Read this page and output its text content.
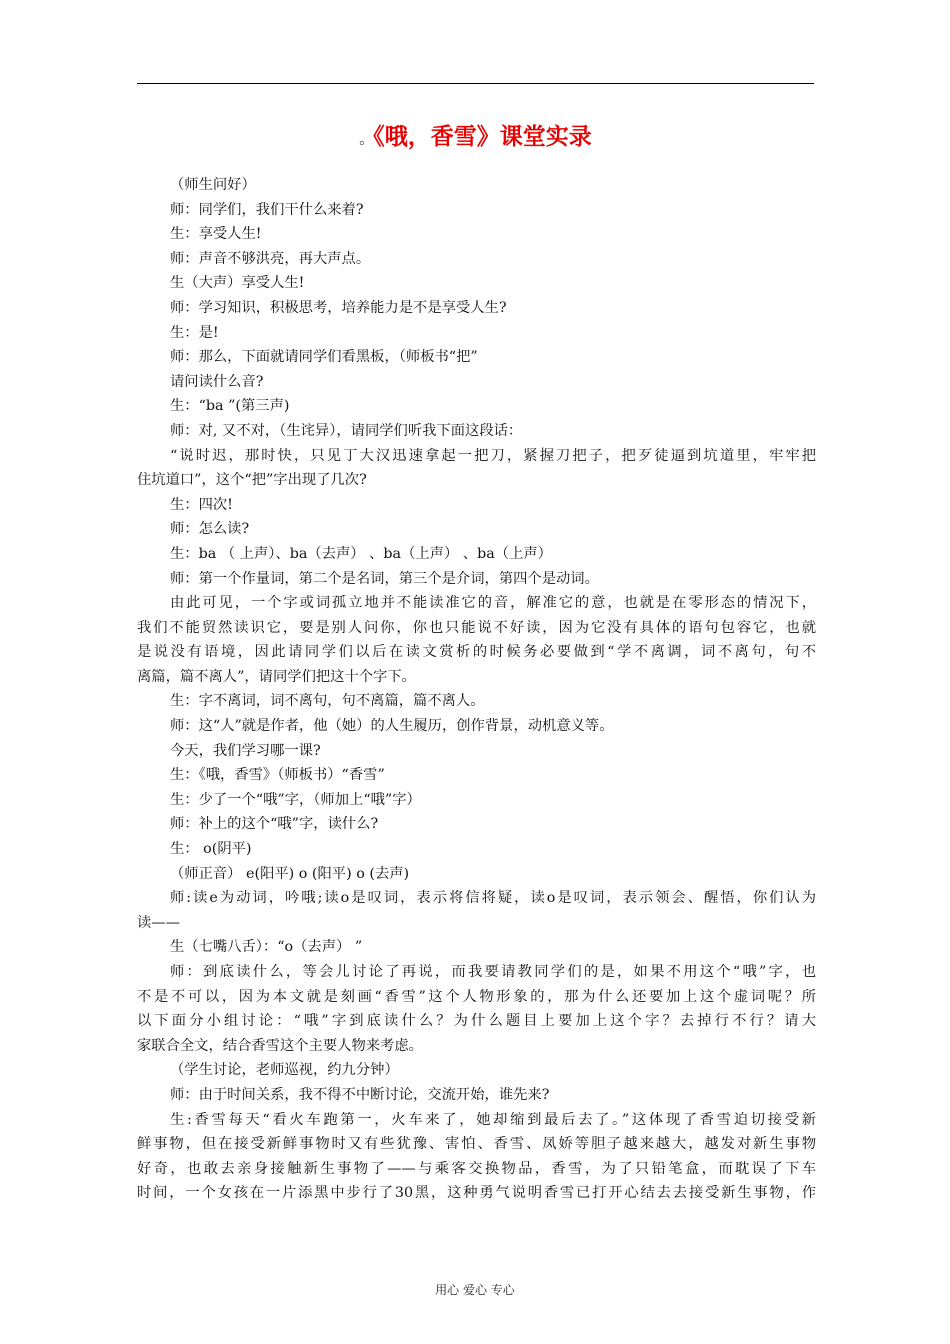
。《哦，香雪》课堂实录
（师生问好）
师：同学们，我们干什么来着?
生：享受人生!
师：声音不够洪亮，再大声点。
生（大声）享受人生!
师：学习知识，积极思考，培养能力是不是享受人生?
生：是!
师：那么，下面就请同学们看黑板，（师板书“把”
请问读什么音?
生：“ba ”(第三声)
师：对, 又不对，（生诧异），请同学们听我下面这段话：
“说时迟，那时快，只见丁大汉迅速拿起一把刀，紧握刀把子，把歹徒逼到坑道里，牢牢把
住坑道口”，这个“把”字出现了几次?
生：四次!
师：怎么读?
生：ba （ 上声）、ba（去声） 、ba（上声） 、ba（上声）
师：第一个作量词，第二个是名词，第三个是介词，第四个是动词。
由此可见，一个字或词孤立地并不能读准它的音，解准它的意，也就是在零形态的情况下，
我们不能贸然读识它，要是别人问你，你也只能说不好读，因为它没有具体的语句包容它，也就
是说没有语境，因此请同学们以后在读文赏析的时候务必要做到“学不离调，词不离句，句不
离篇，篇不离人”，请同学们把这十个字下。
生：字不离词，词不离句，句不离篇，篇不离人。
师：这“人”就是作者，他（她）的人生履历，创作背景，动机意义等。
今天，我们学习哪一课?
生：《哦，香雪》（师板书）“香雪”
生：少了一个“哦”字，（师加上“哦”字）
师：补上的这个“哦”字，读什么?
生： o(阴平)
（师正音） e(阳平) o (阳平) o (去声)
师:读e为动词，吟哦;读o是叹词，表示将信将疑，读o是叹词，表示领会、醒悟，你们认为
读——
生（七嘴八舌）：“o（去声） ”
师：到底读什么，等会儿讨论了再说，而我要请教同学们的是，如果不用这个“哦”字，也
不是不可以，因为本文就是刻画“香雪”这个人物形象的，那为什么还要加上这个虚词呢？所
以下面分小组讨论：“哦”字到底读什么？为什么题目上要加上这个字？去掉行不行？请大
家联合全文，结合香雪这个主要人物来考虑。
（学生讨论，老师巡视，约九分钟）
师：由于时间关系，我不得不中断讨论，交流开始，谁先来?
生:香雪每天“看火车跑第一，火车来了，她却缩到最后去了。”这体现了香雪迫切接受新
鲜事物，但在接受新鲜事物时又有些犹豫、害怕、香雪、凤娇等胆子越来越大，越发对新生事物
好奇，也敢去亲身接触新生事物了——与乘客交换物品，香雪，为了只铅笔盒，而耽误了下车
时间，一个女孩在一片添黑中步行了30黑，这种勇气说明香雪已打开心结去去接受新生事物，作
用心 爱心 专心
